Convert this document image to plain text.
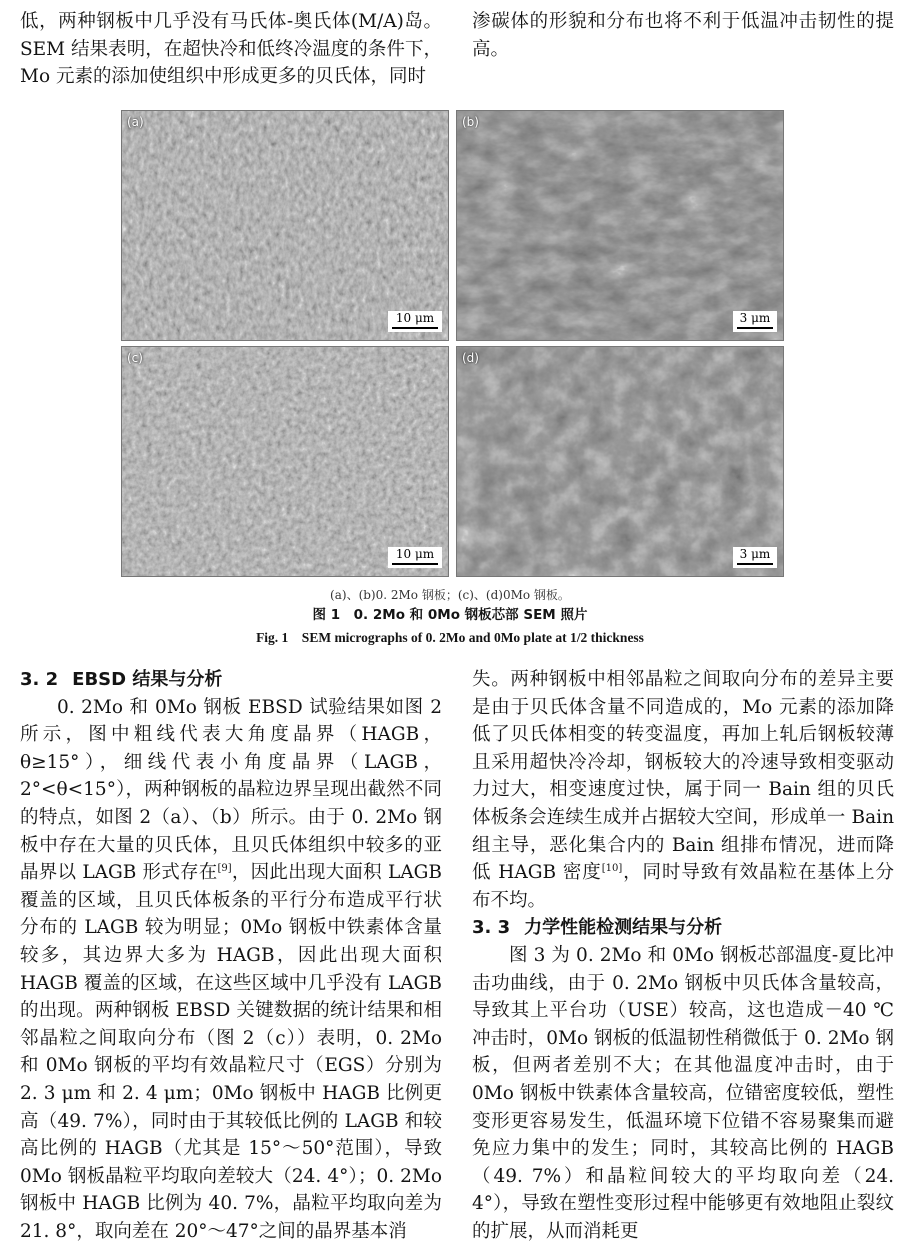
低，两种钢板中几乎没有马氏体-奥氏体(M/A)岛。SEM 结果表明，在超快冷和低终冷温度的条件下，Mo 元素的添加使组织中形成更多的贝氏体，同时

渗碳体的形貌和分布也将不利于低温冲击韧性的提高。

(a)
10 μm
(b)
3 μm
(c)
10 μm
(d)
3 μm
(a)、(b)0. 2Mo 钢板；(c)、(d)0Mo 钢板。
图 1　0. 2Mo 和 0Mo 钢板芯部 SEM 照片
Fig. 1　SEM micrographs of 0. 2Mo and 0Mo plate at 1/2 thickness
3. 2 EBSD 结果与分析

0. 2Mo 和 0Mo 钢板 EBSD 试验结果如图 2 所示，图中粗线代表大角度晶界（HAGB，θ≥15°），细线代表小角度晶界（LAGB，2°<θ<15°），两种钢板的晶粒边界呈现出截然不同的特点，如图 2（a）、（b）所示。由于 0. 2Mo 钢板中存在大量的贝氏体，且贝氏体组织中较多的亚晶界以 LAGB 形式存在[9]，因此出现大面积 LAGB 覆盖的区域，且贝氏体板条的平行分布造成平行状分布的 LAGB 较为明显；0Mo 钢板中铁素体含量较多，其边界大多为 HAGB，因此出现大面积 HAGB 覆盖的区域，在这些区域中几乎没有 LAGB 的出现。两种钢板 EBSD 关键数据的统计结果和相邻晶粒之间取向分布（图 2（c））表明，0. 2Mo 和 0Mo 钢板的平均有效晶粒尺寸（EGS）分别为 2. 3 μm 和 2. 4 μm；0Mo 钢板中 HAGB 比例更高（49. 7%），同时由于其较低比例的 LAGB 和较高比例的 HAGB（尤其是 15°～50°范围），导致 0Mo 钢板晶粒平均取向差较大（24. 4°）；0. 2Mo 钢板中 HAGB 比例为 40. 7%，晶粒平均取向差为 21. 8°，取向差在 20°～47°之间的晶界基本消

失。两种钢板中相邻晶粒之间取向分布的差异主要是由于贝氏体含量不同造成的，Mo 元素的添加降低了贝氏体相变的转变温度，再加上轧后钢板较薄且采用超快冷冷却，钢板较大的冷速导致相变驱动力过大，相变速度过快，属于同一 Bain 组的贝氏体板条会连续生成并占据较大空间，形成单一 Bain 组主导，恶化集合内的 Bain 组排布情况，进而降低 HAGB 密度[10]，同时导致有效晶粒在基体上分布不均。

3. 3 力学性能检测结果与分析

图 3 为 0. 2Mo 和 0Mo 钢板芯部温度-夏比冲击功曲线，由于 0. 2Mo 钢板中贝氏体含量较高，导致其上平台功（USE）较高，这也造成－40 ℃冲击时，0Mo 钢板的低温韧性稍微低于 0. 2Mo 钢板，但两者差别不大；在其他温度冲击时，由于 0Mo 钢板中铁素体含量较高，位错密度较低，塑性变形更容易发生，低温环境下位错不容易聚集而避免应力集中的发生；同时，其较高比例的 HAGB（49. 7%）和晶粒间较大的平均取向差（24. 4°），导致在塑性变形过程中能够更有效地阻止裂纹的扩展，从而消耗更
